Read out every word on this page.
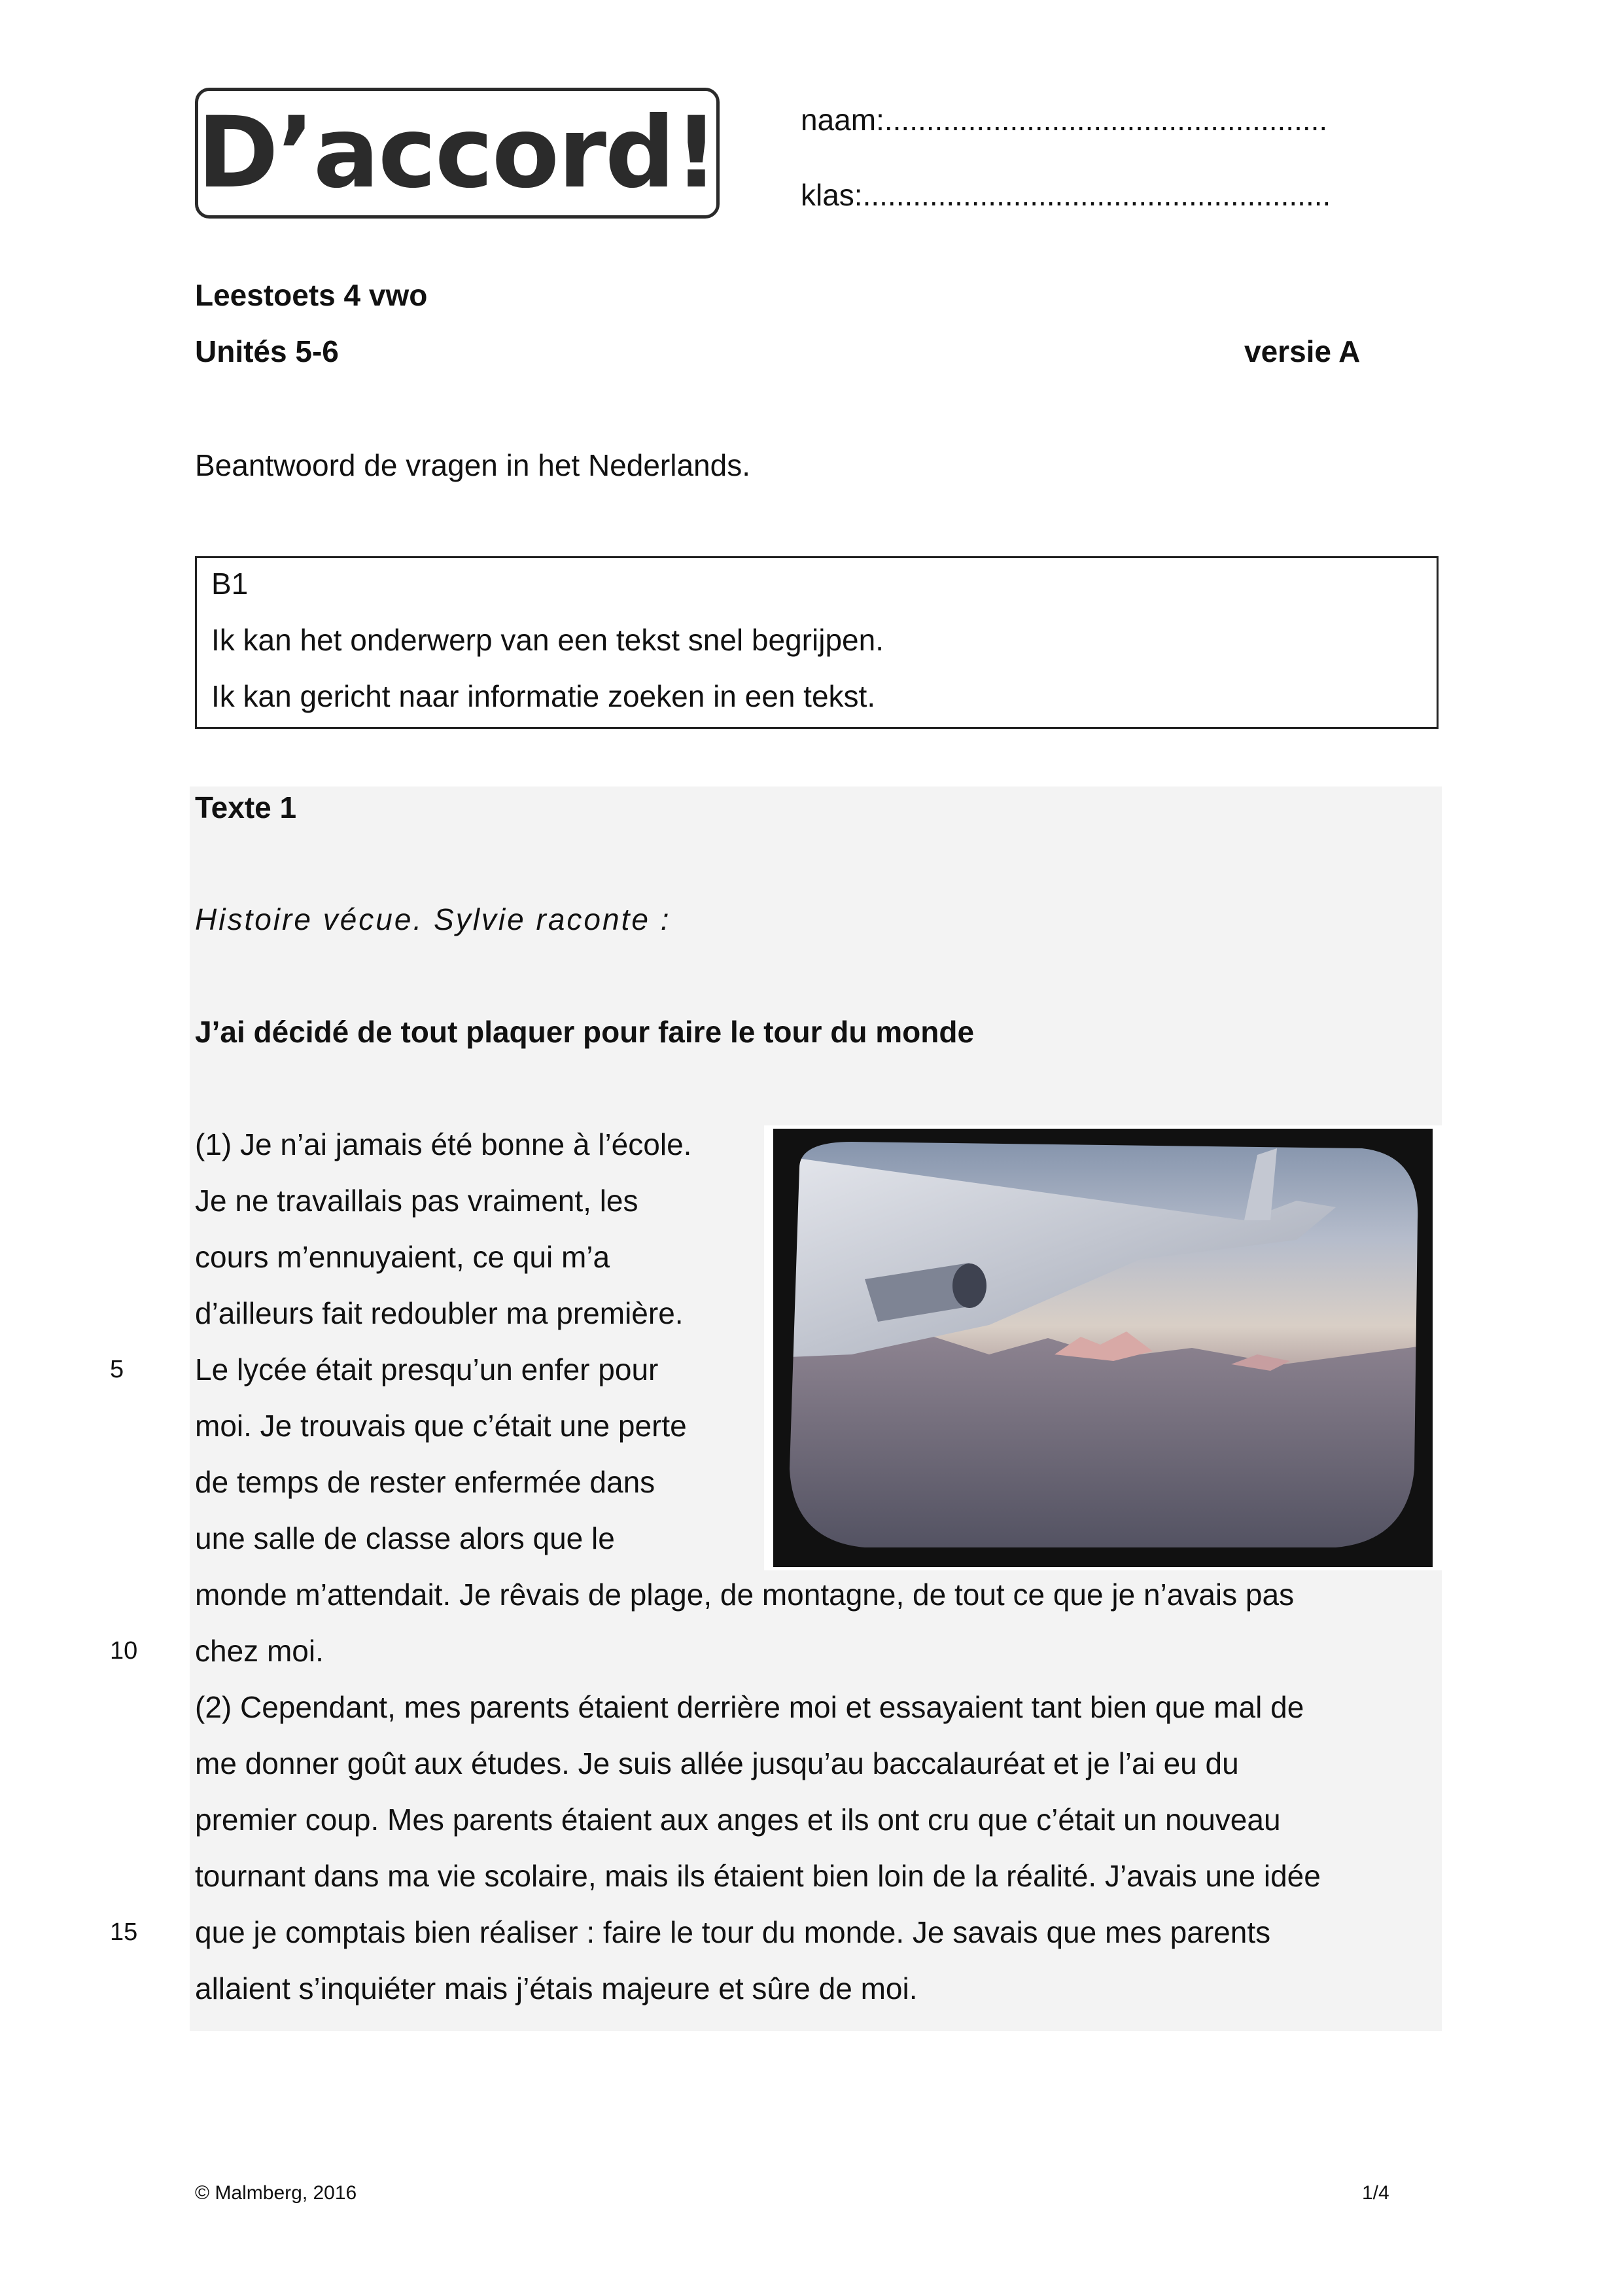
D’accord!	naam:.....................................................
klas:........................................................
Leestoets 4 vwo
Unités 5-6	versie A
Beantwoord de vragen in het Nederlands.
B1
Ik kan het onderwerp van een tekst snel begrijpen.
Ik kan gericht naar informatie zoeken in een tekst.
Texte 1
Histoire vécue. Sylvie raconte :
J’ai décidé de tout plaquer pour faire le tour du monde
(1) Je n’ai jamais été bonne à l’école.
Je ne travaillais pas vraiment, les
cours m’ennuyaient, ce qui m’a
d’ailleurs fait redoubler ma première.
Le lycée était presqu’un enfer pour
moi. Je trouvais que c’était une perte
de temps de rester enfermée dans
une salle de classe alors que le
monde m’attendait. Je rêvais de plage, de montagne, de tout ce que je n’avais pas
chez moi.
(2) Cependant, mes parents étaient derrière moi et essayaient tant bien que mal de
me donner goût aux études. Je suis allée jusqu’au baccalauréat et je l’ai eu du
premier coup. Mes parents étaient aux anges et ils ont cru que c’était un nouveau
tournant dans ma vie scolaire, mais ils étaient bien loin de la réalité. J’avais une idée
que je comptais bien réaliser : faire le tour du monde. Je savais que mes parents
allaient s’inquiéter mais j’étais majeure et sûre de moi.
5
10
15
© Malmberg, 2016	1/4
